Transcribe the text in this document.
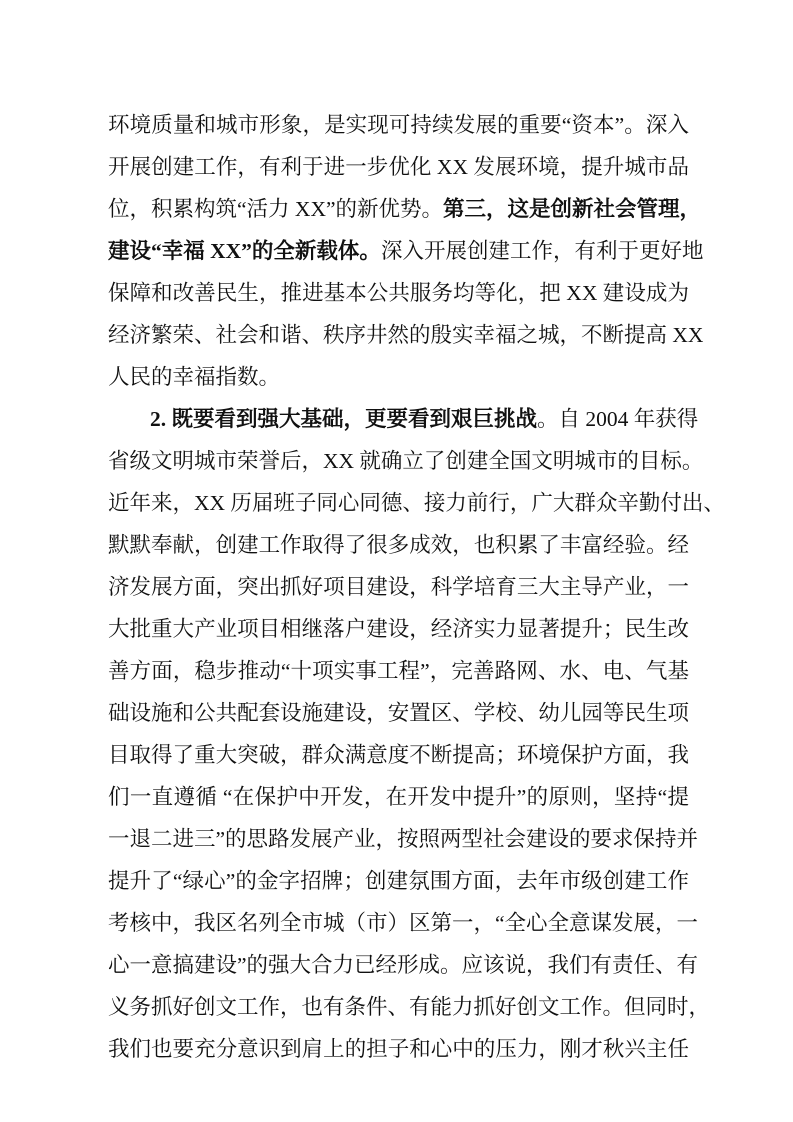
环境质量和城市形象，是实现可持续发展的重要“资本”。深入
开展创建工作，有利于进一步优化 XX 发展环境，提升城市品
位，积累构筑“活力 XX”的新优势。第三，这是创新社会管理，
建设“幸福 XX”的全新载体。深入开展创建工作，有利于更好地
保障和改善民生，推进基本公共服务均等化，把 XX 建设成为
经济繁荣、社会和谐、秩序井然的殷实幸福之城，不断提高 XX
人民的幸福指数。
2. 既要看到强大基础，更要看到艰巨挑战。自 2004 年获得
省级文明城市荣誉后，XX 就确立了创建全国文明城市的目标。
近年来，XX 历届班子同心同德、接力前行，广大群众辛勤付出、
默默奉献，创建工作取得了很多成效，也积累了丰富经验。经
济发展方面，突出抓好项目建设，科学培育三大主导产业，一
大批重大产业项目相继落户建设，经济实力显著提升；民生改
善方面，稳步推动“十项实事工程”，完善路网、水、电、气基
础设施和公共配套设施建设，安置区、学校、幼儿园等民生项
目取得了重大突破，群众满意度不断提高；环境保护方面，我
们一直遵循 “在保护中开发，在开发中提升”的原则，坚持“提
一退二进三”的思路发展产业，按照两型社会建设的要求保持并
提升了“绿心”的金字招牌；创建氛围方面，去年市级创建工作
考核中，我区名列全市城（市）区第一，“全心全意谋发展，一
心一意搞建设”的强大合力已经形成。应该说，我们有责任、有
义务抓好创文工作，也有条件、有能力抓好创文工作。但同时，
我们也要充分意识到肩上的担子和心中的压力，刚才秋兴主任
